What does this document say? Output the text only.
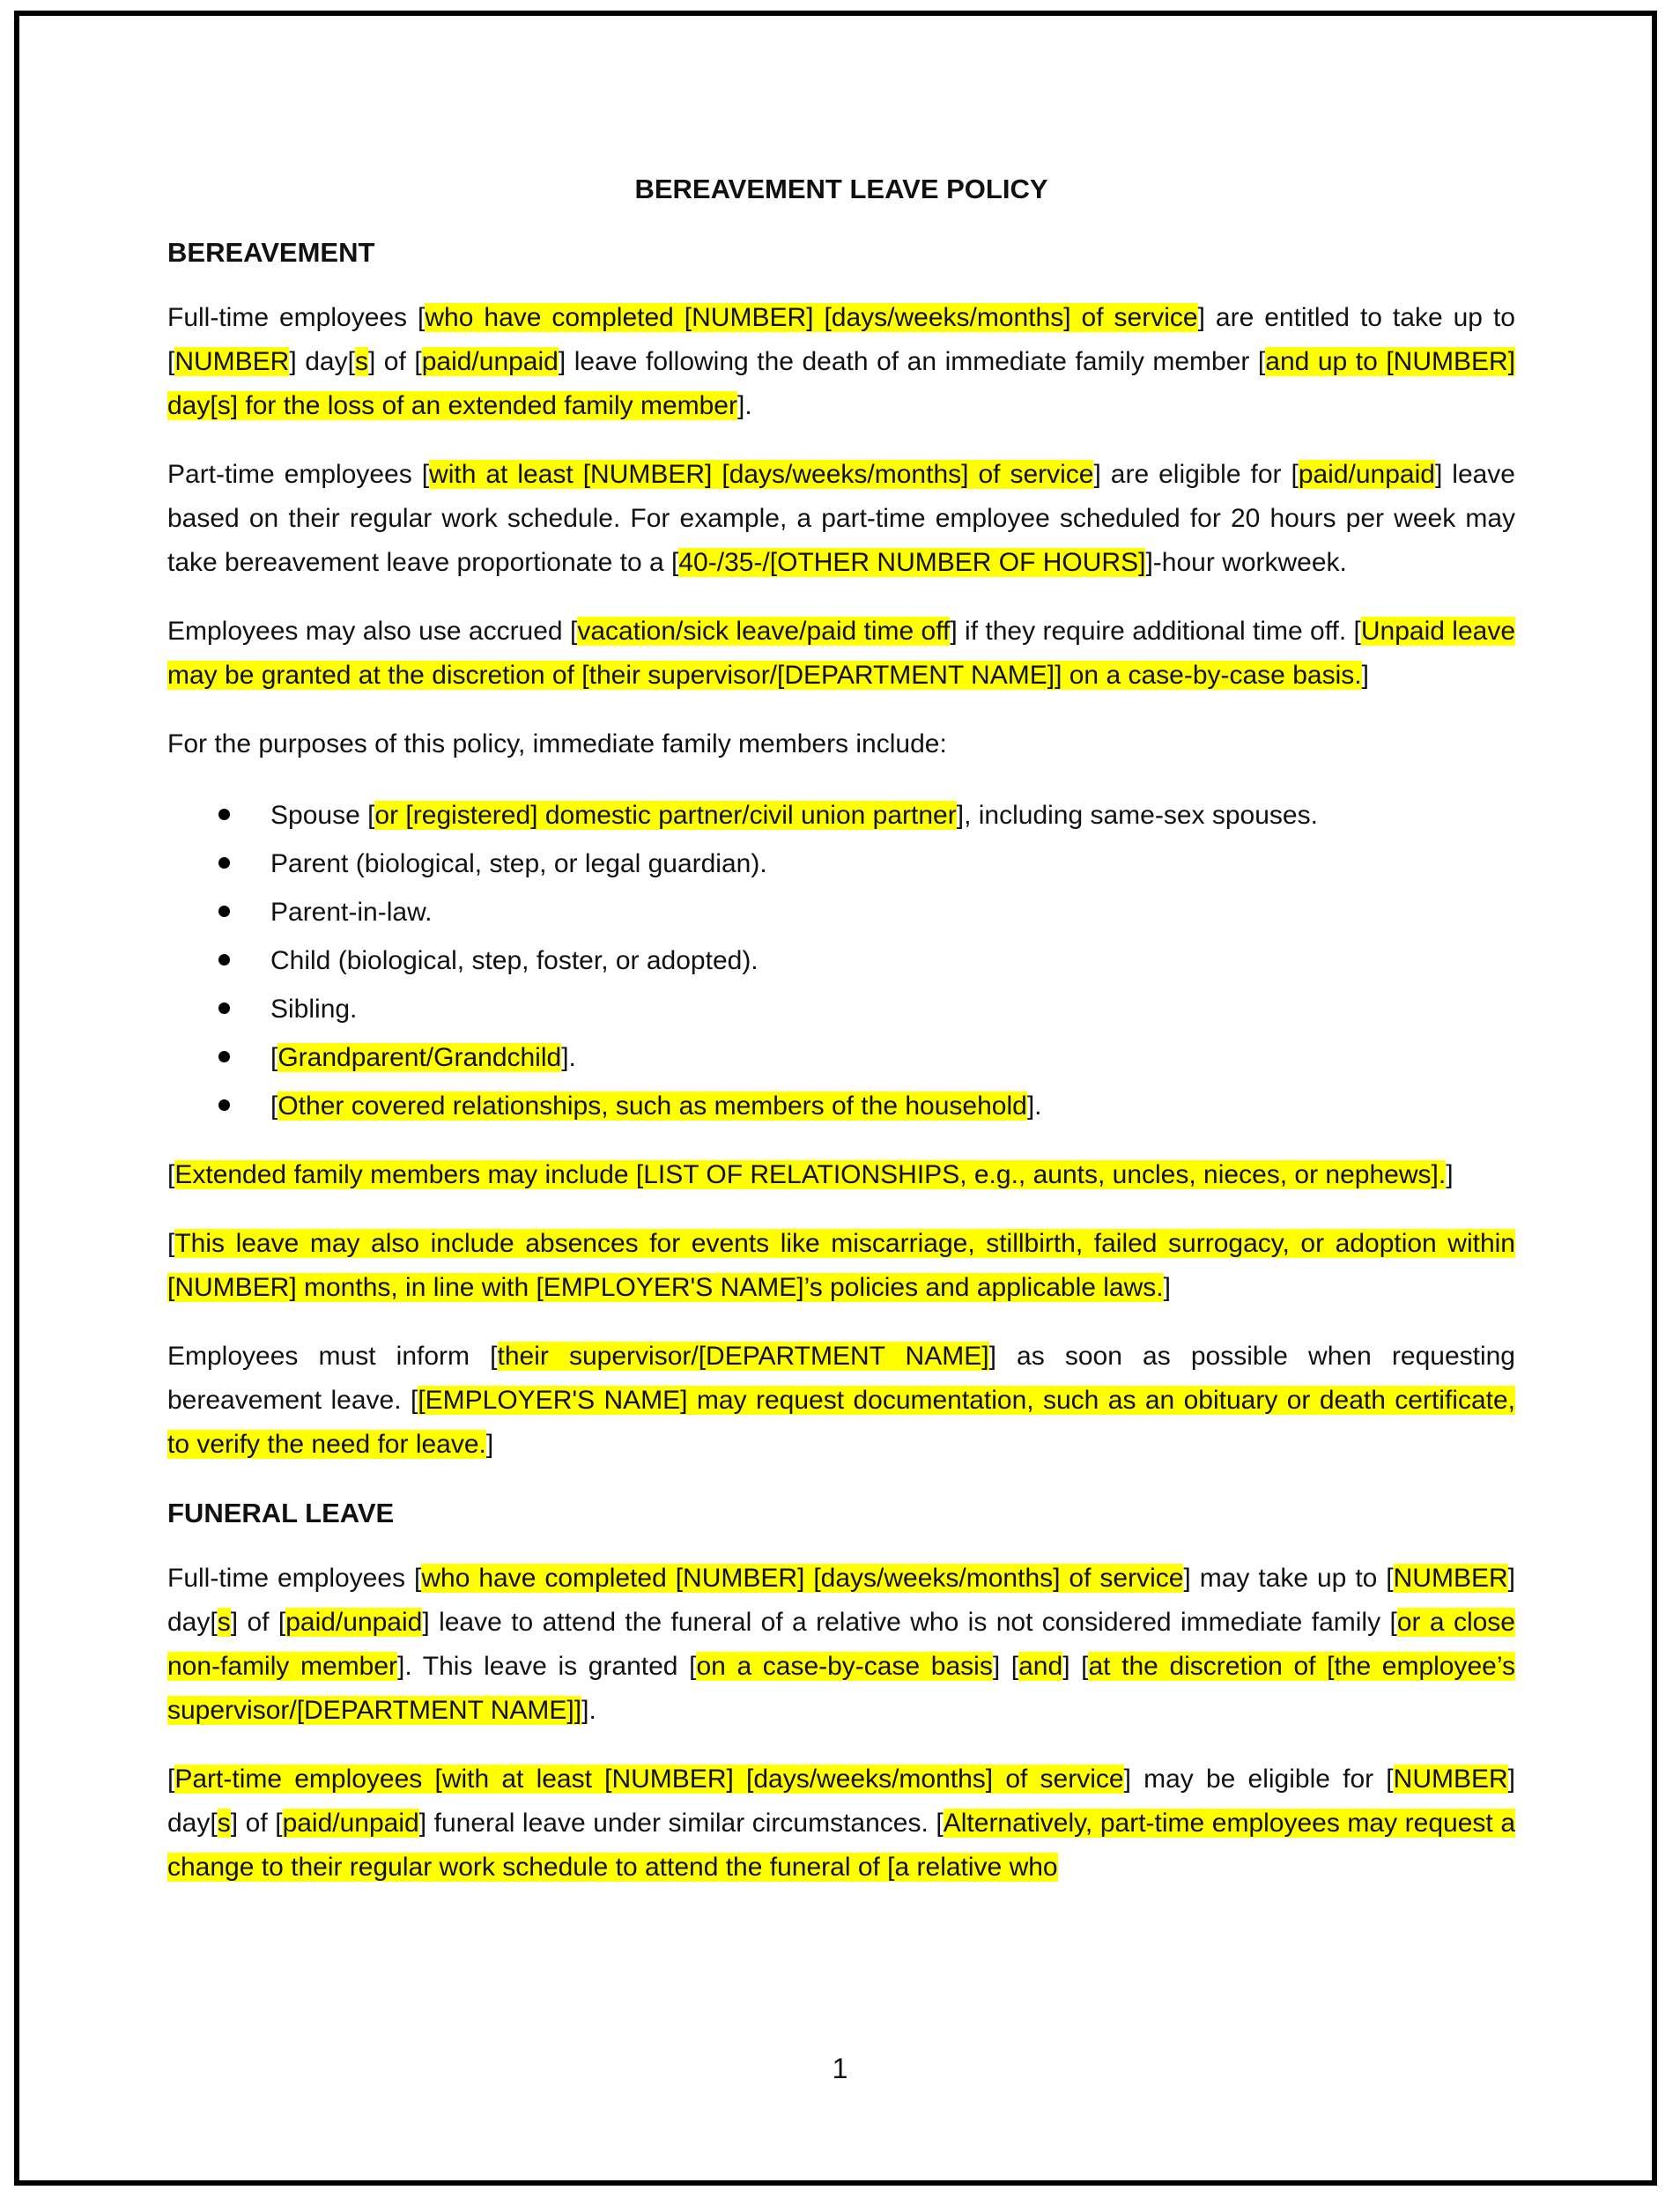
BEREAVEMENT LEAVE POLICY
BEREAVEMENT

Full-time employees [who have completed [NUMBER] [days/weeks/months] of service] are entitled to take up to [NUMBER] day[s] of [paid/unpaid] leave following the death of an immediate family member [and up to [NUMBER] day[s] for the loss of an extended family member].

Part-time employees [with at least [NUMBER] [days/weeks/months] of service] are eligible for [paid/unpaid] leave based on their regular work schedule. For example, a part-time employee scheduled for 20 hours per week may take bereavement leave proportionate to a [40-/35-/[OTHER NUMBER OF HOURS]]-hour workweek.

Employees may also use accrued [vacation/sick leave/paid time off] if they require additional time off. [Unpaid leave may be granted at the discretion of [their supervisor/[DEPARTMENT NAME]] on a case-by-case basis.]

For the purposes of this policy, immediate family members include:

Spouse [or [registered] domestic partner/civil union partner], including same-sex spouses.
Parent (biological, step, or legal guardian).
Parent-in-law.
Child (biological, step, foster, or adopted).
Sibling.
[Grandparent/Grandchild].
[Other covered relationships, such as members of the household].

[Extended family members may include [LIST OF RELATIONSHIPS, e.g., aunts, uncles, nieces, or nephews].]

[This leave may also include absences for events like miscarriage, stillbirth, failed surrogacy, or adoption within [NUMBER] months, in line with [EMPLOYER'S NAME]’s policies and applicable laws.]

Employees must inform [their supervisor/[DEPARTMENT NAME]] as soon as possible when requesting bereavement leave. [[EMPLOYER'S NAME] may request documentation, such as an obituary or death certificate, to verify the need for leave.]

FUNERAL LEAVE

Full-time employees [who have completed [NUMBER] [days/weeks/months] of service] may take up to [NUMBER] day[s] of [paid/unpaid] leave to attend the funeral of a relative who is not considered immediate family [or a close non-family member]. This leave is granted [on a case-by-case basis] [and] [at the discretion of [the employee’s supervisor/[DEPARTMENT NAME]]].

[Part-time employees [with at least [NUMBER] [days/weeks/months] of service] may be eligible for [NUMBER] day[s] of [paid/unpaid] funeral leave under similar circumstances. [Alternatively, part-time employees may request a change to their regular work schedule to attend the funeral of [a relative who

1
